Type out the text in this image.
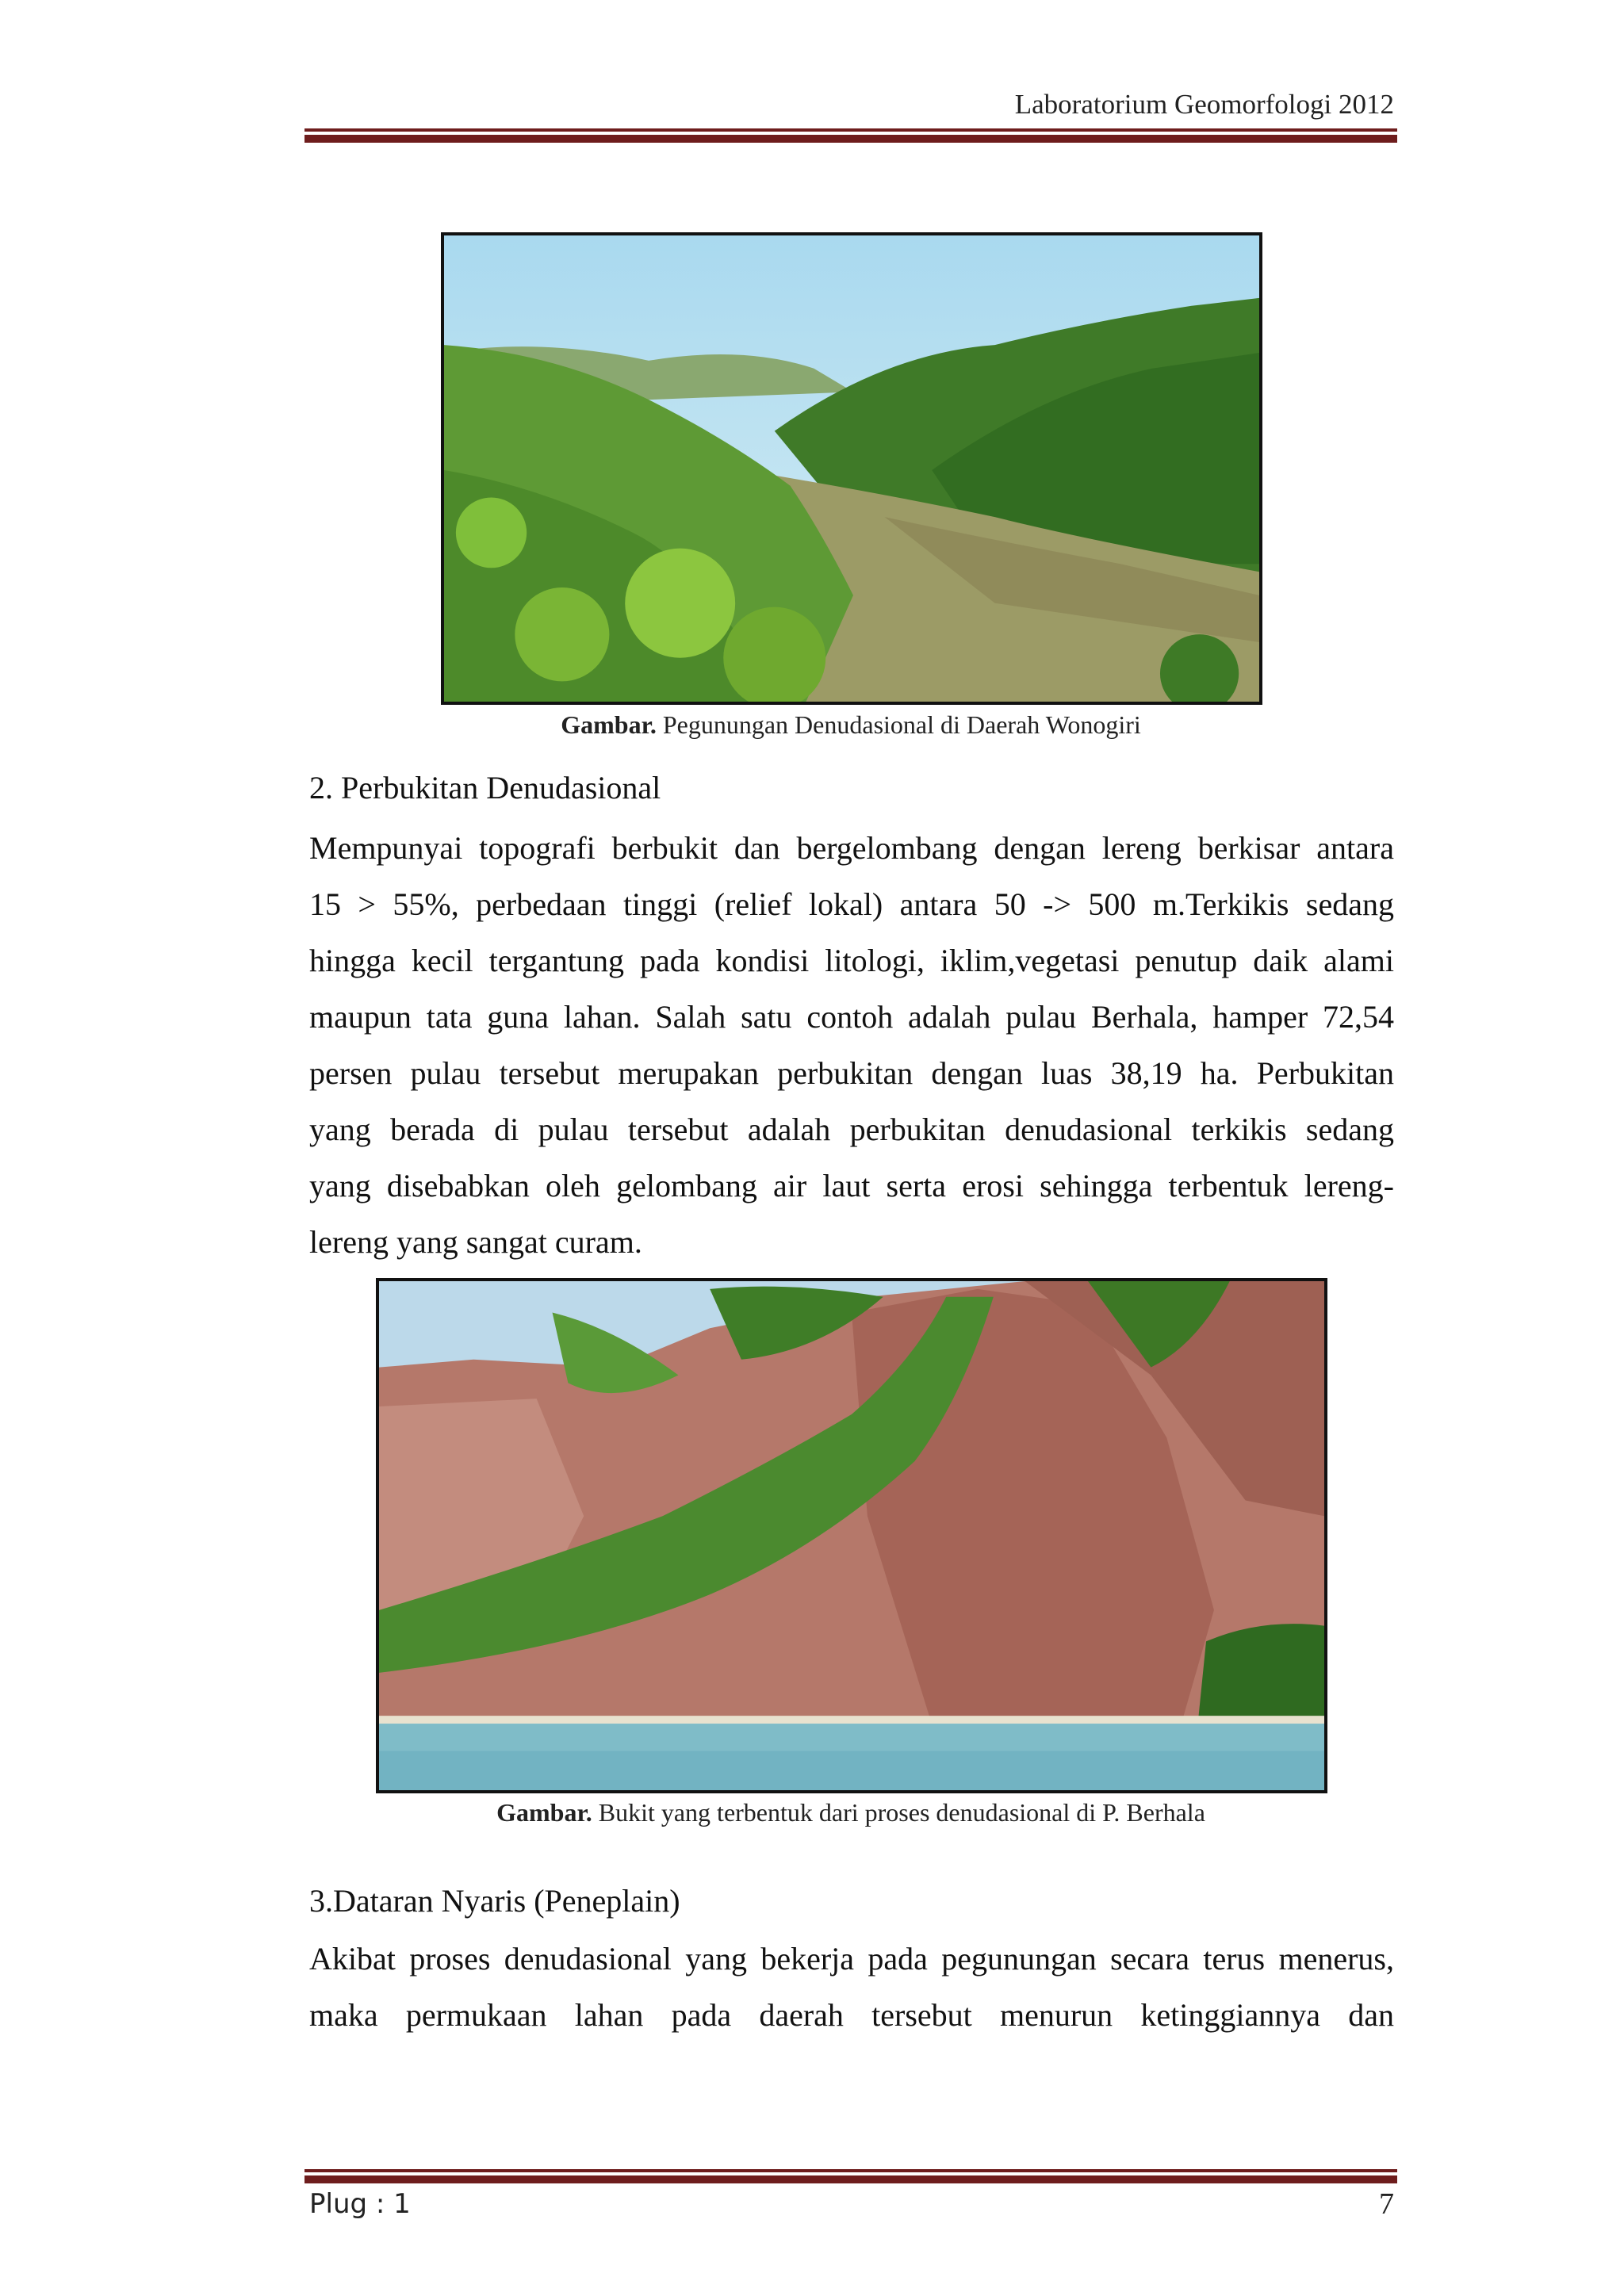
Laboratorium Geomorfologi 2012
Gambar. Pegunungan Denudasional di Daerah Wonogiri
2. Perbukitan Denudasional
Mempunyai topografi berbukit dan bergelombang dengan lereng berkisar antara
15 > 55%, perbedaan tinggi (relief lokal) antara 50 -> 500 m.Terkikis sedang
hingga kecil tergantung pada kondisi litologi, iklim,vegetasi penutup daik alami
maupun tata guna lahan. Salah satu contoh adalah pulau Berhala, hamper 72,54
persen pulau tersebut merupakan perbukitan dengan luas 38,19 ha. Perbukitan
yang berada di pulau tersebut adalah perbukitan denudasional terkikis sedang
yang disebabkan oleh gelombang air laut serta erosi sehingga terbentuk lereng-
lereng yang sangat curam.
Gambar. Bukit yang terbentuk dari proses denudasional di P. Berhala
3.Dataran Nyaris (Peneplain)
Akibat proses denudasional yang bekerja pada pegunungan secara terus menerus,
maka permukaan lahan pada daerah tersebut menurun ketinggiannya dan
Plug : 1	7
